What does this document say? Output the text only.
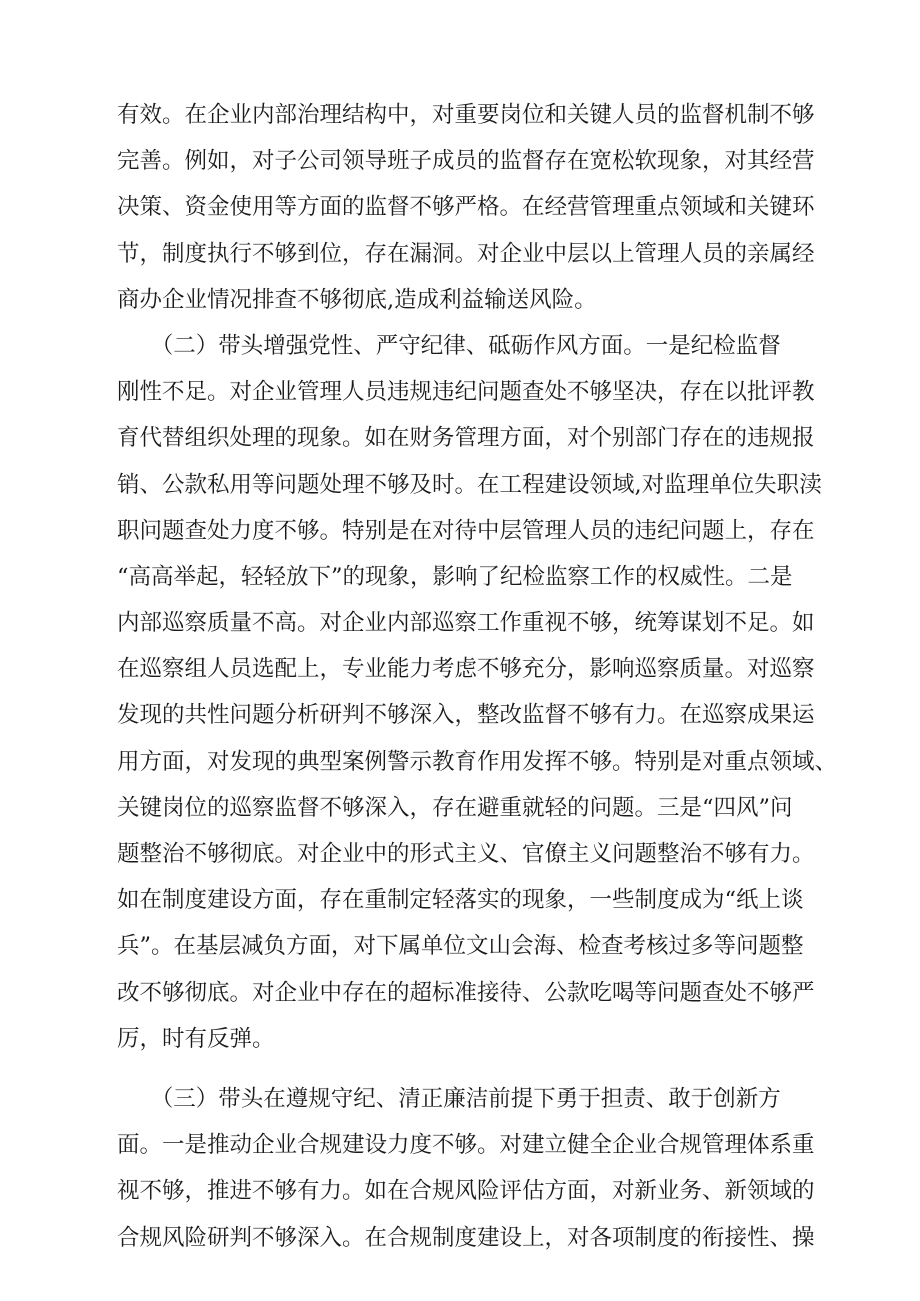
有效。在企业内部治理结构中，对重要岗位和关键人员的监督机制不够
完善。例如，对子公司领导班子成员的监督存在宽松软现象，对其经营
决策、资金使用等方面的监督不够严格。在经营管理重点领域和关键环
节，制度执行不够到位，存在漏洞。对企业中层以上管理人员的亲属经
商办企业情况排查不够彻底,造成利益输送风险。
　　（二）带头增强党性、严守纪律、砥砺作风方面。一是纪检监督
刚性不足。对企业管理人员违规违纪问题查处不够坚决，存在以批评教
育代替组织处理的现象。如在财务管理方面，对个别部门存在的违规报
销、公款私用等问题处理不够及时。在工程建设领域,对监理单位失职渎
职问题查处力度不够。特别是在对待中层管理人员的违纪问题上，存在
“高高举起，轻轻放下”的现象，影响了纪检监察工作的权威性。二是
内部巡察质量不高。对企业内部巡察工作重视不够，统筹谋划不足。如
在巡察组人员选配上，专业能力考虑不够充分，影响巡察质量。对巡察
发现的共性问题分析研判不够深入，整改监督不够有力。在巡察成果运
用方面，对发现的典型案例警示教育作用发挥不够。特别是对重点领域、
关键岗位的巡察监督不够深入，存在避重就轻的问题。三是“四风”问
题整治不够彻底。对企业中的形式主义、官僚主义问题整治不够有力。
如在制度建设方面，存在重制定轻落实的现象，一些制度成为“纸上谈
兵”。在基层减负方面，对下属单位文山会海、检查考核过多等问题整
改不够彻底。对企业中存在的超标准接待、公款吃喝等问题查处不够严
厉，时有反弹。
　　（三）带头在遵规守纪、清正廉洁前提下勇于担责、敢于创新方
面。一是推动企业合规建设力度不够。对建立健全企业合规管理体系重
视不够，推进不够有力。如在合规风险评估方面，对新业务、新领域的
合规风险研判不够深入。在合规制度建设上，对各项制度的衔接性、操
